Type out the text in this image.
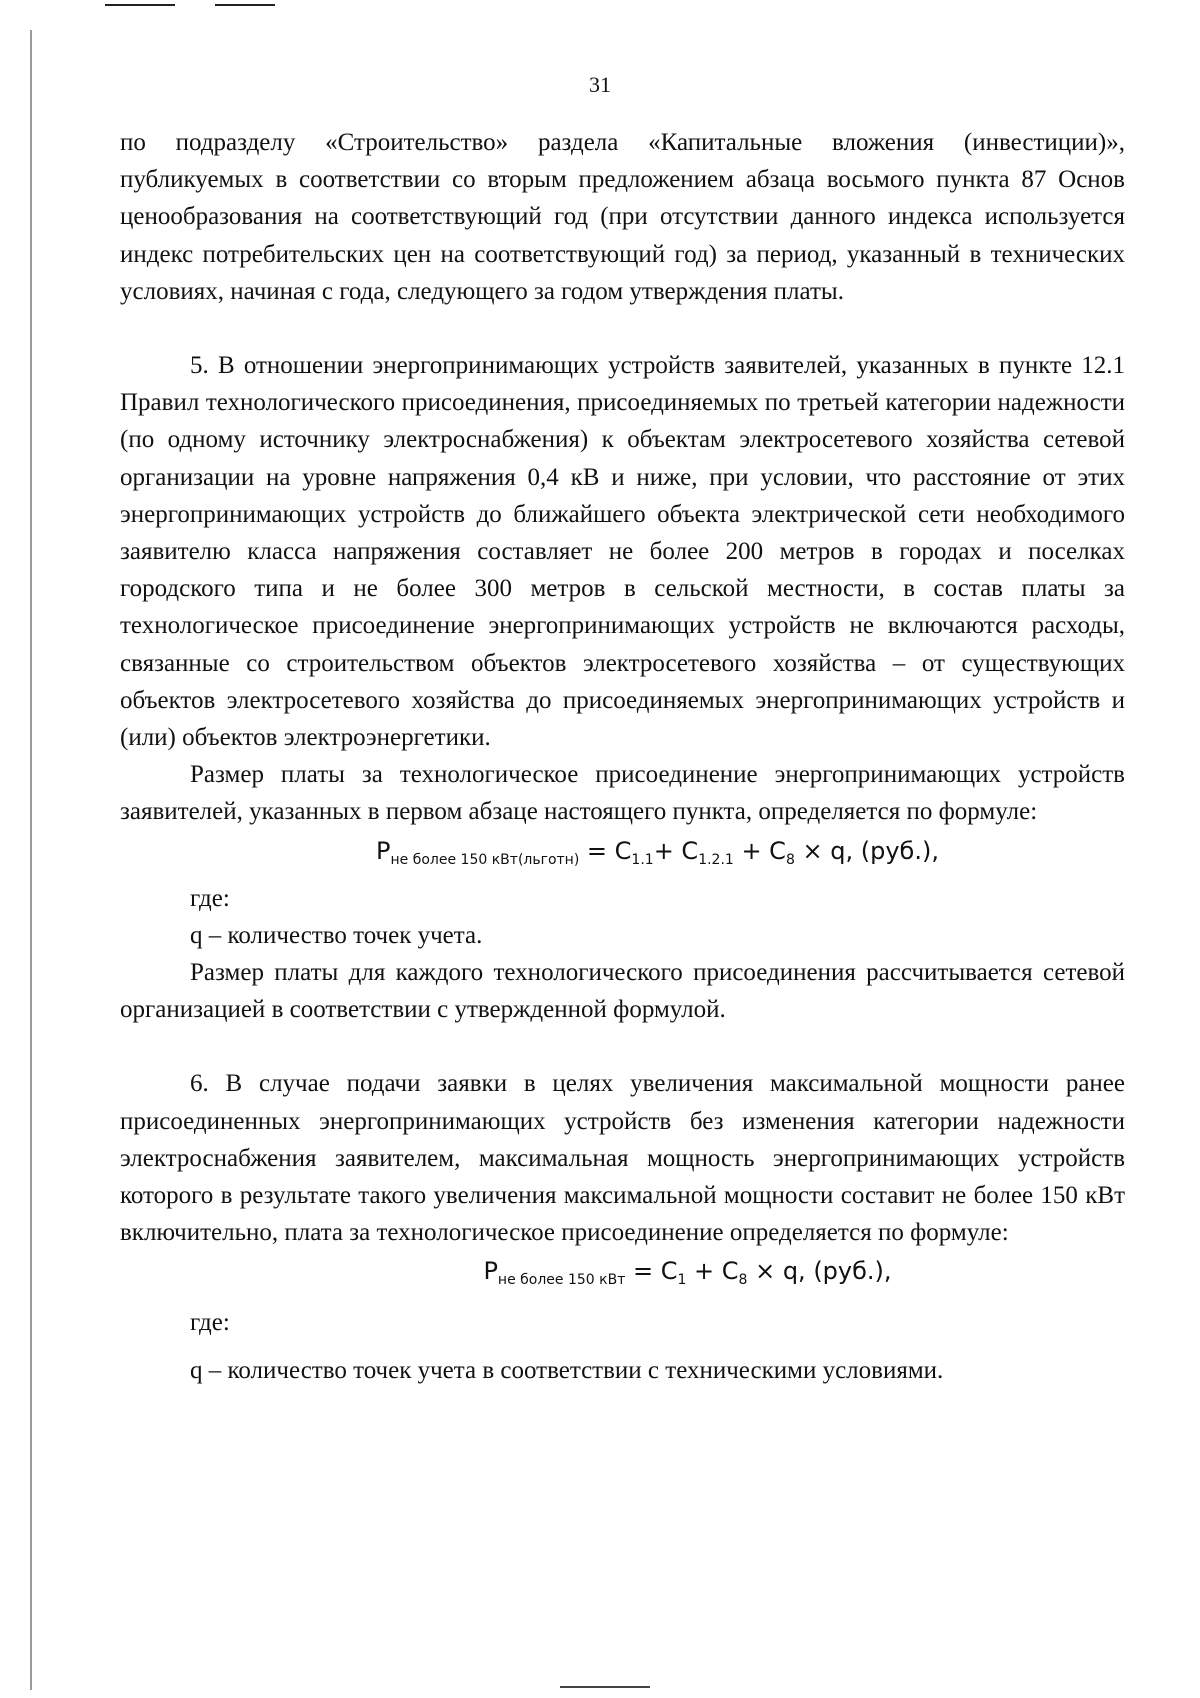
31

по подразделу «Строительство» раздела «Капитальные вложения (инвестиции)», публикуемых в соответствии со вторым предложением абзаца восьмого пункта 87 Основ ценообразования на соответствующий год (при отсутствии данного индекса используется индекс потребительских цен на соответствующий год) за период, указанный в технических условиях, начиная с года, следующего за годом утверждения платы.

5. В отношении энергопринимающих устройств заявителей, указанных в пункте 12.1 Правил технологического присоединения, присоединяемых по третьей категории надежности (по одному источнику электроснабжения) к объектам электросетевого хозяйства сетевой организации на уровне напряжения 0,4 кВ и ниже, при условии, что расстояние от этих энергопринимающих устройств до ближайшего объекта электрической сети необходимого заявителю класса напряжения составляет не более 200 метров в городах и поселках городского типа и не более 300 метров в сельской местности, в состав платы за технологическое присоединение энергопринимающих устройств не включаются расходы, связанные со строительством объектов электросетевого хозяйства – от существующих объектов электросетевого хозяйства до присоединяемых энергопринимающих устройств и (или) объектов электроэнергетики.

Размер платы за технологическое присоединение энергопринимающих устройств заявителей, указанных в первом абзаце настоящего пункта, определяется по формуле:

$P_{не более 150 кВт(льготн)} = C_{1.1}+ C_{1.2.1} + C_8 \times q$, (руб.),

где:

q – количество точек учета.

Размер платы для каждого технологического присоединения рассчитывается сетевой организацией в соответствии с утвержденной формулой.

6. В случае подачи заявки в целях увеличения максимальной мощности ранее присоединенных энергопринимающих устройств без изменения категории надежности электроснабжения заявителем, максимальная мощность энергопринимающих устройств которого в результате такого увеличения максимальной мощности составит не более 150 кВт включительно, плата за технологическое присоединение определяется по формуле:

$P_{не более 150 кВт} = C_1 + C_8 \times q$, (руб.),

где:

q – количество точек учета в соответствии с техническими условиями.
